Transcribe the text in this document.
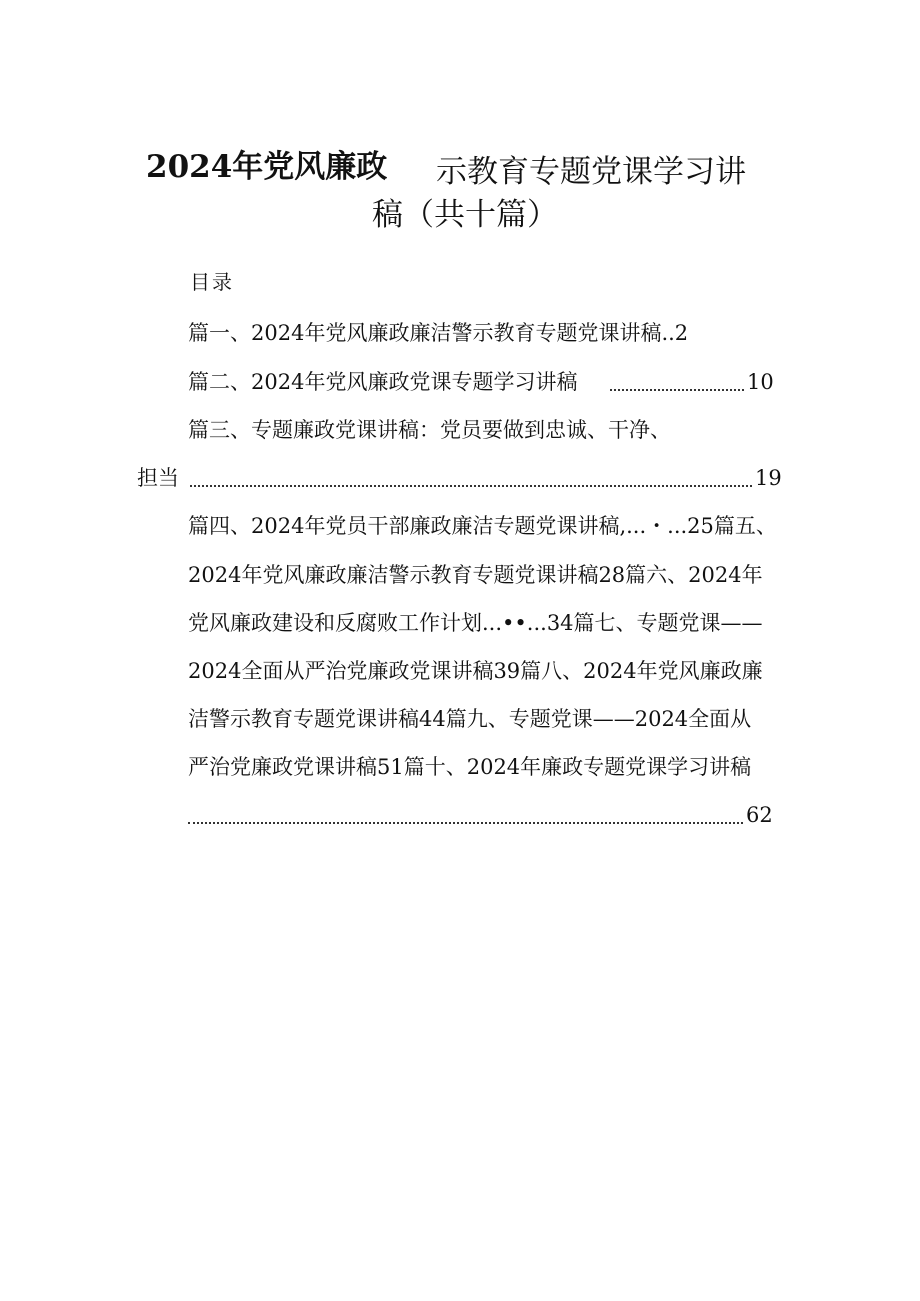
2024年党风廉政 示教育专题党课学习讲
稿（共十篇）
目录
篇一、2024年党风廉政廉洁警示教育专题党课讲稿..2
篇二、2024年党风廉政党课专题学习讲稿	10
篇三、专题廉政党课讲稿：党员要做到忠诚、干净、
担当	19
篇四、2024年党员干部廉政廉洁专题党课讲稿,...・...25篇五、
2024年党风廉政廉洁警示教育专题党课讲稿28篇六、2024年
党风廉政建设和反腐败工作计划...••...34篇七、专题党课——
2024全面从严治党廉政党课讲稿39篇八、2024年党风廉政廉
洁警示教育专题党课讲稿44篇九、专题党课——2024全面从
严治党廉政党课讲稿51篇十、2024年廉政专题党课学习讲稿
62
